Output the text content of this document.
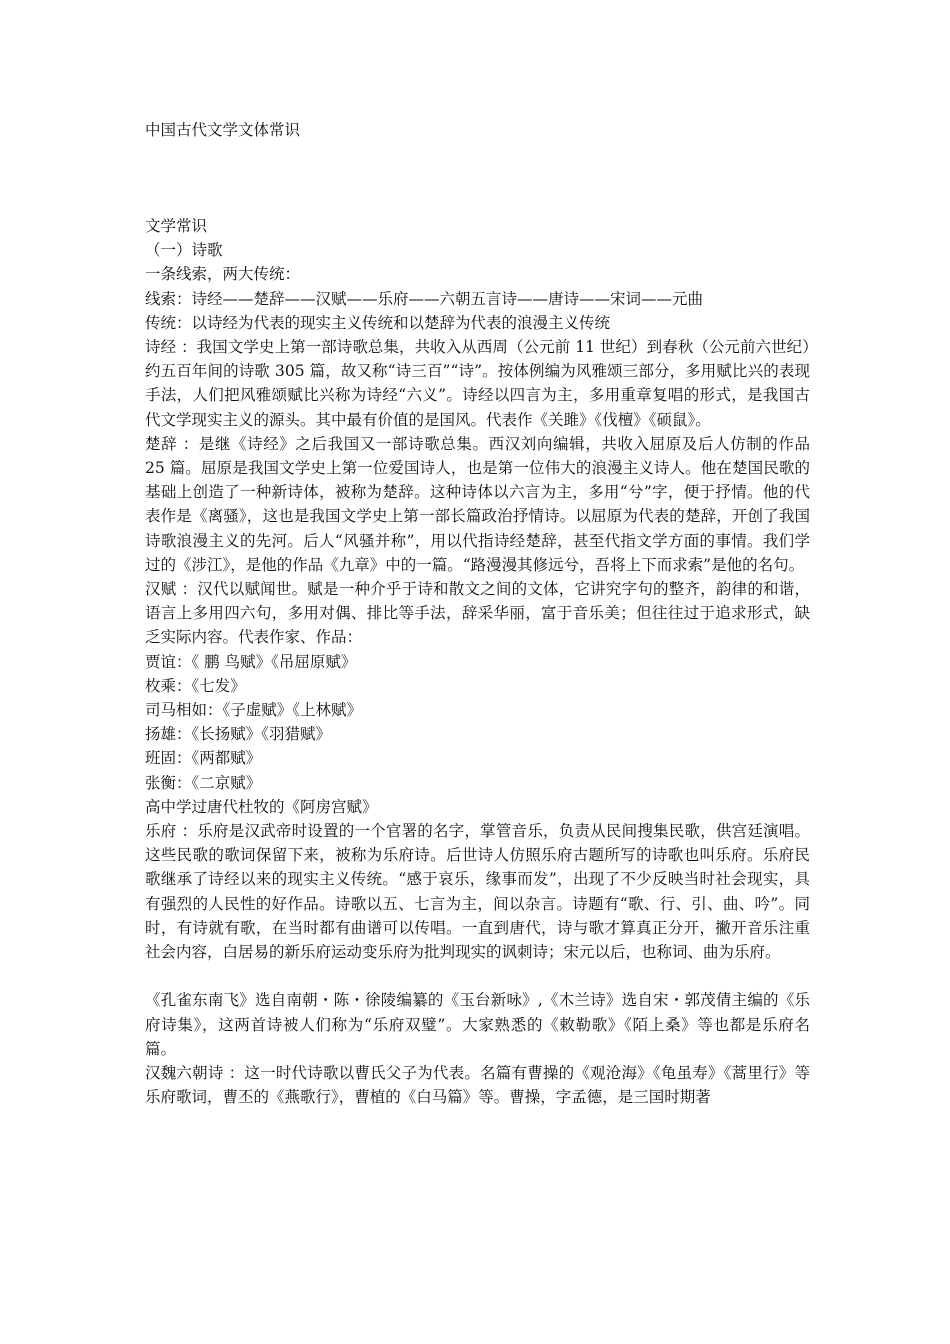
中国古代文学文体常识

文学常识

（一）诗歌

一条线索，两大传统：

线索：诗经——楚辞——汉赋——乐府——六朝五言诗——唐诗——宋词——元曲

传统：以诗经为代表的现实主义传统和以楚辞为代表的浪漫主义传统

诗经 ：我国文学史上第一部诗歌总集，共收入从西周（公元前 11 世纪）到春秋（公元前六世纪）约五百年间的诗歌 305 篇，故又称“诗三百”“诗”。按体例编为风雅颂三部分，多用赋比兴的表现手法，人们把风雅颂赋比兴称为诗经“六义”。诗经以四言为主，多用重章复唱的形式，是我国古代文学现实主义的源头。其中最有价值的是国风。代表作《关雎》《伐檀》《硕鼠》。

楚辞 ：是继《诗经》之后我国又一部诗歌总集。西汉刘向编辑，共收入屈原及后人仿制的作品 25 篇。屈原是我国文学史上第一位爱国诗人，也是第一位伟大的浪漫主义诗人。他在楚国民歌的基础上创造了一种新诗体，被称为楚辞。这种诗体以六言为主，多用“兮”字，便于抒情。他的代表作是《离骚》，这也是我国文学史上第一部长篇政治抒情诗。以屈原为代表的楚辞，开创了我国诗歌浪漫主义的先河。后人“风骚并称”，用以代指诗经楚辞，甚至代指文学方面的事情。我们学过的《涉江》，是他的作品《九章》中的一篇。“路漫漫其修远兮，吾将上下而求索”是他的名句。

汉赋 ：汉代以赋闻世。赋是一种介乎于诗和散文之间的文体，它讲究字句的整齐，韵律的和谐，语言上多用四六句，多用对偶、排比等手法，辞采华丽，富于音乐美；但往往过于追求形式，缺乏实际内容。代表作家、作品：

贾谊：《 鹏 鸟赋》《吊屈原赋》

枚乘：《七发》

司马相如：《子虚赋》《上林赋》

扬雄：《长扬赋》《羽猎赋》

班固：《两都赋》

张衡：《二京赋》

高中学过唐代杜牧的《阿房宫赋》

乐府 ：乐府是汉武帝时设置的一个官署的名字，掌管音乐，负责从民间搜集民歌，供宫廷演唱。这些民歌的歌词保留下来，被称为乐府诗。后世诗人仿照乐府古题所写的诗歌也叫乐府。乐府民歌继承了诗经以来的现实主义传统。“感于哀乐，缘事而发”，出现了不少反映当时社会现实，具有强烈的人民性的好作品。诗歌以五、七言为主，间以杂言。诗题有“歌、行、引、曲、吟”。同时，有诗就有歌，在当时都有曲谱可以传唱。一直到唐代，诗与歌才算真正分开，撇开音乐注重社会内容，白居易的新乐府运动变乐府为批判现实的讽刺诗；宋元以后，也称词、曲为乐府。

《孔雀东南飞》选自南朝・陈・徐陵编纂的《玉台新咏》,《木兰诗》选自宋・郭茂倩主编的《乐府诗集》，这两首诗被人们称为“乐府双璧”。大家熟悉的《敕勒歌》《陌上桑》等也都是乐府名篇。

汉魏六朝诗 ：这一时代诗歌以曹氏父子为代表。名篇有曹操的《观沧海》《龟虽寿》《蒿里行》等乐府歌词，曹丕的《燕歌行》，曹植的《白马篇》等。曹操，字孟德，是三国时期著
